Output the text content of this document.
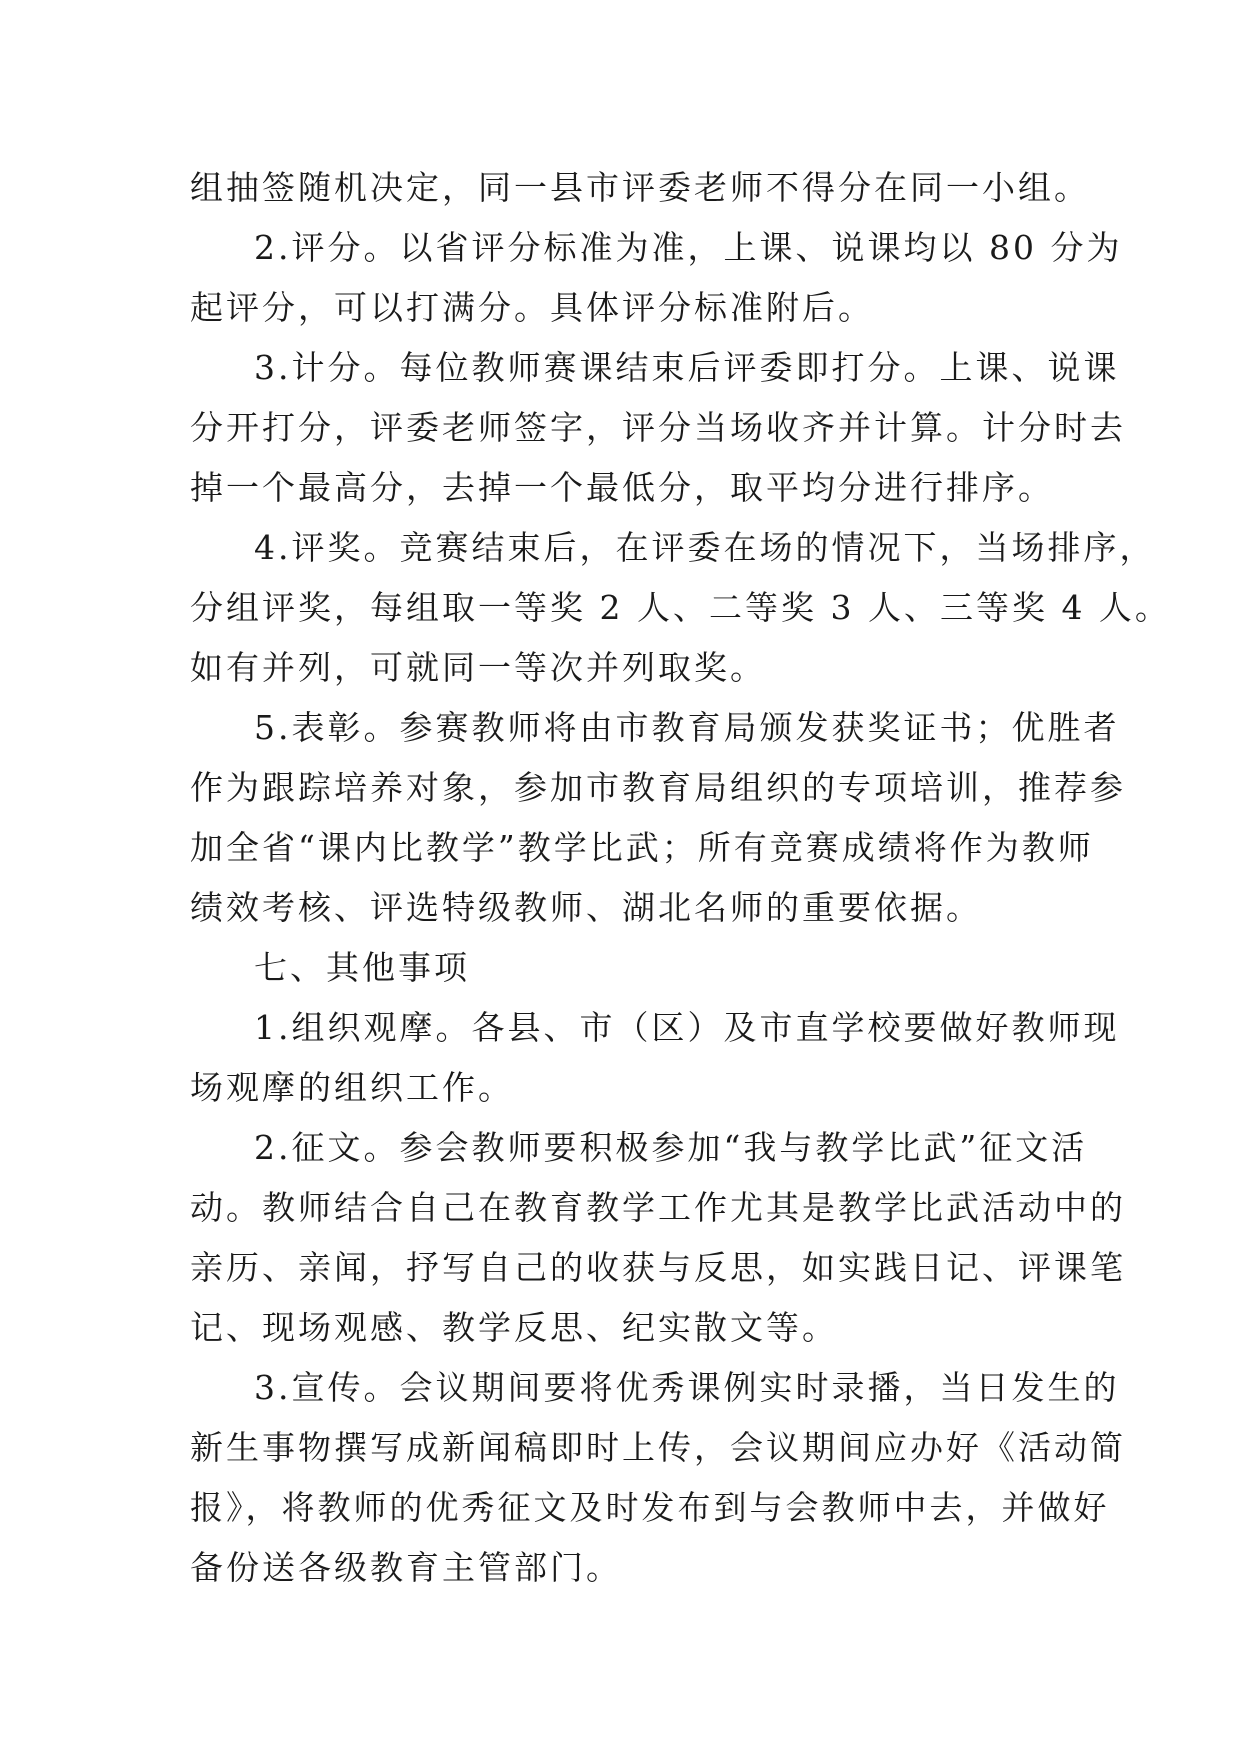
组抽签随机决定，同一县市评委老师不得分在同一小组。
2.评分。以省评分标准为准，上课、说课均以 80 分为
起评分，可以打满分。具体评分标准附后。
3.计分。每位教师赛课结束后评委即打分。上课、说课
分开打分，评委老师签字，评分当场收齐并计算。计分时去
掉一个最高分，去掉一个最低分，取平均分进行排序。
4.评奖。竞赛结束后，在评委在场的情况下，当场排序，
分组评奖，每组取一等奖 2 人、二等奖 3 人、三等奖 4 人。
如有并列，可就同一等次并列取奖。
5.表彰。参赛教师将由市教育局颁发获奖证书；优胜者
作为跟踪培养对象，参加市教育局组织的专项培训，推荐参
加全省“课内比教学”教学比武；所有竞赛成绩将作为教师
绩效考核、评选特级教师、湖北名师的重要依据。
七、其他事项
1.组织观摩。各县、市（区）及市直学校要做好教师现
场观摩的组织工作。
2.征文。参会教师要积极参加“我与教学比武”征文活
动。教师结合自己在教育教学工作尤其是教学比武活动中的
亲历、亲闻，抒写自己的收获与反思，如实践日记、评课笔
记、现场观感、教学反思、纪实散文等。
3.宣传。会议期间要将优秀课例实时录播，当日发生的
新生事物撰写成新闻稿即时上传，会议期间应办好《活动简
报》，将教师的优秀征文及时发布到与会教师中去，并做好
备份送各级教育主管部门。
